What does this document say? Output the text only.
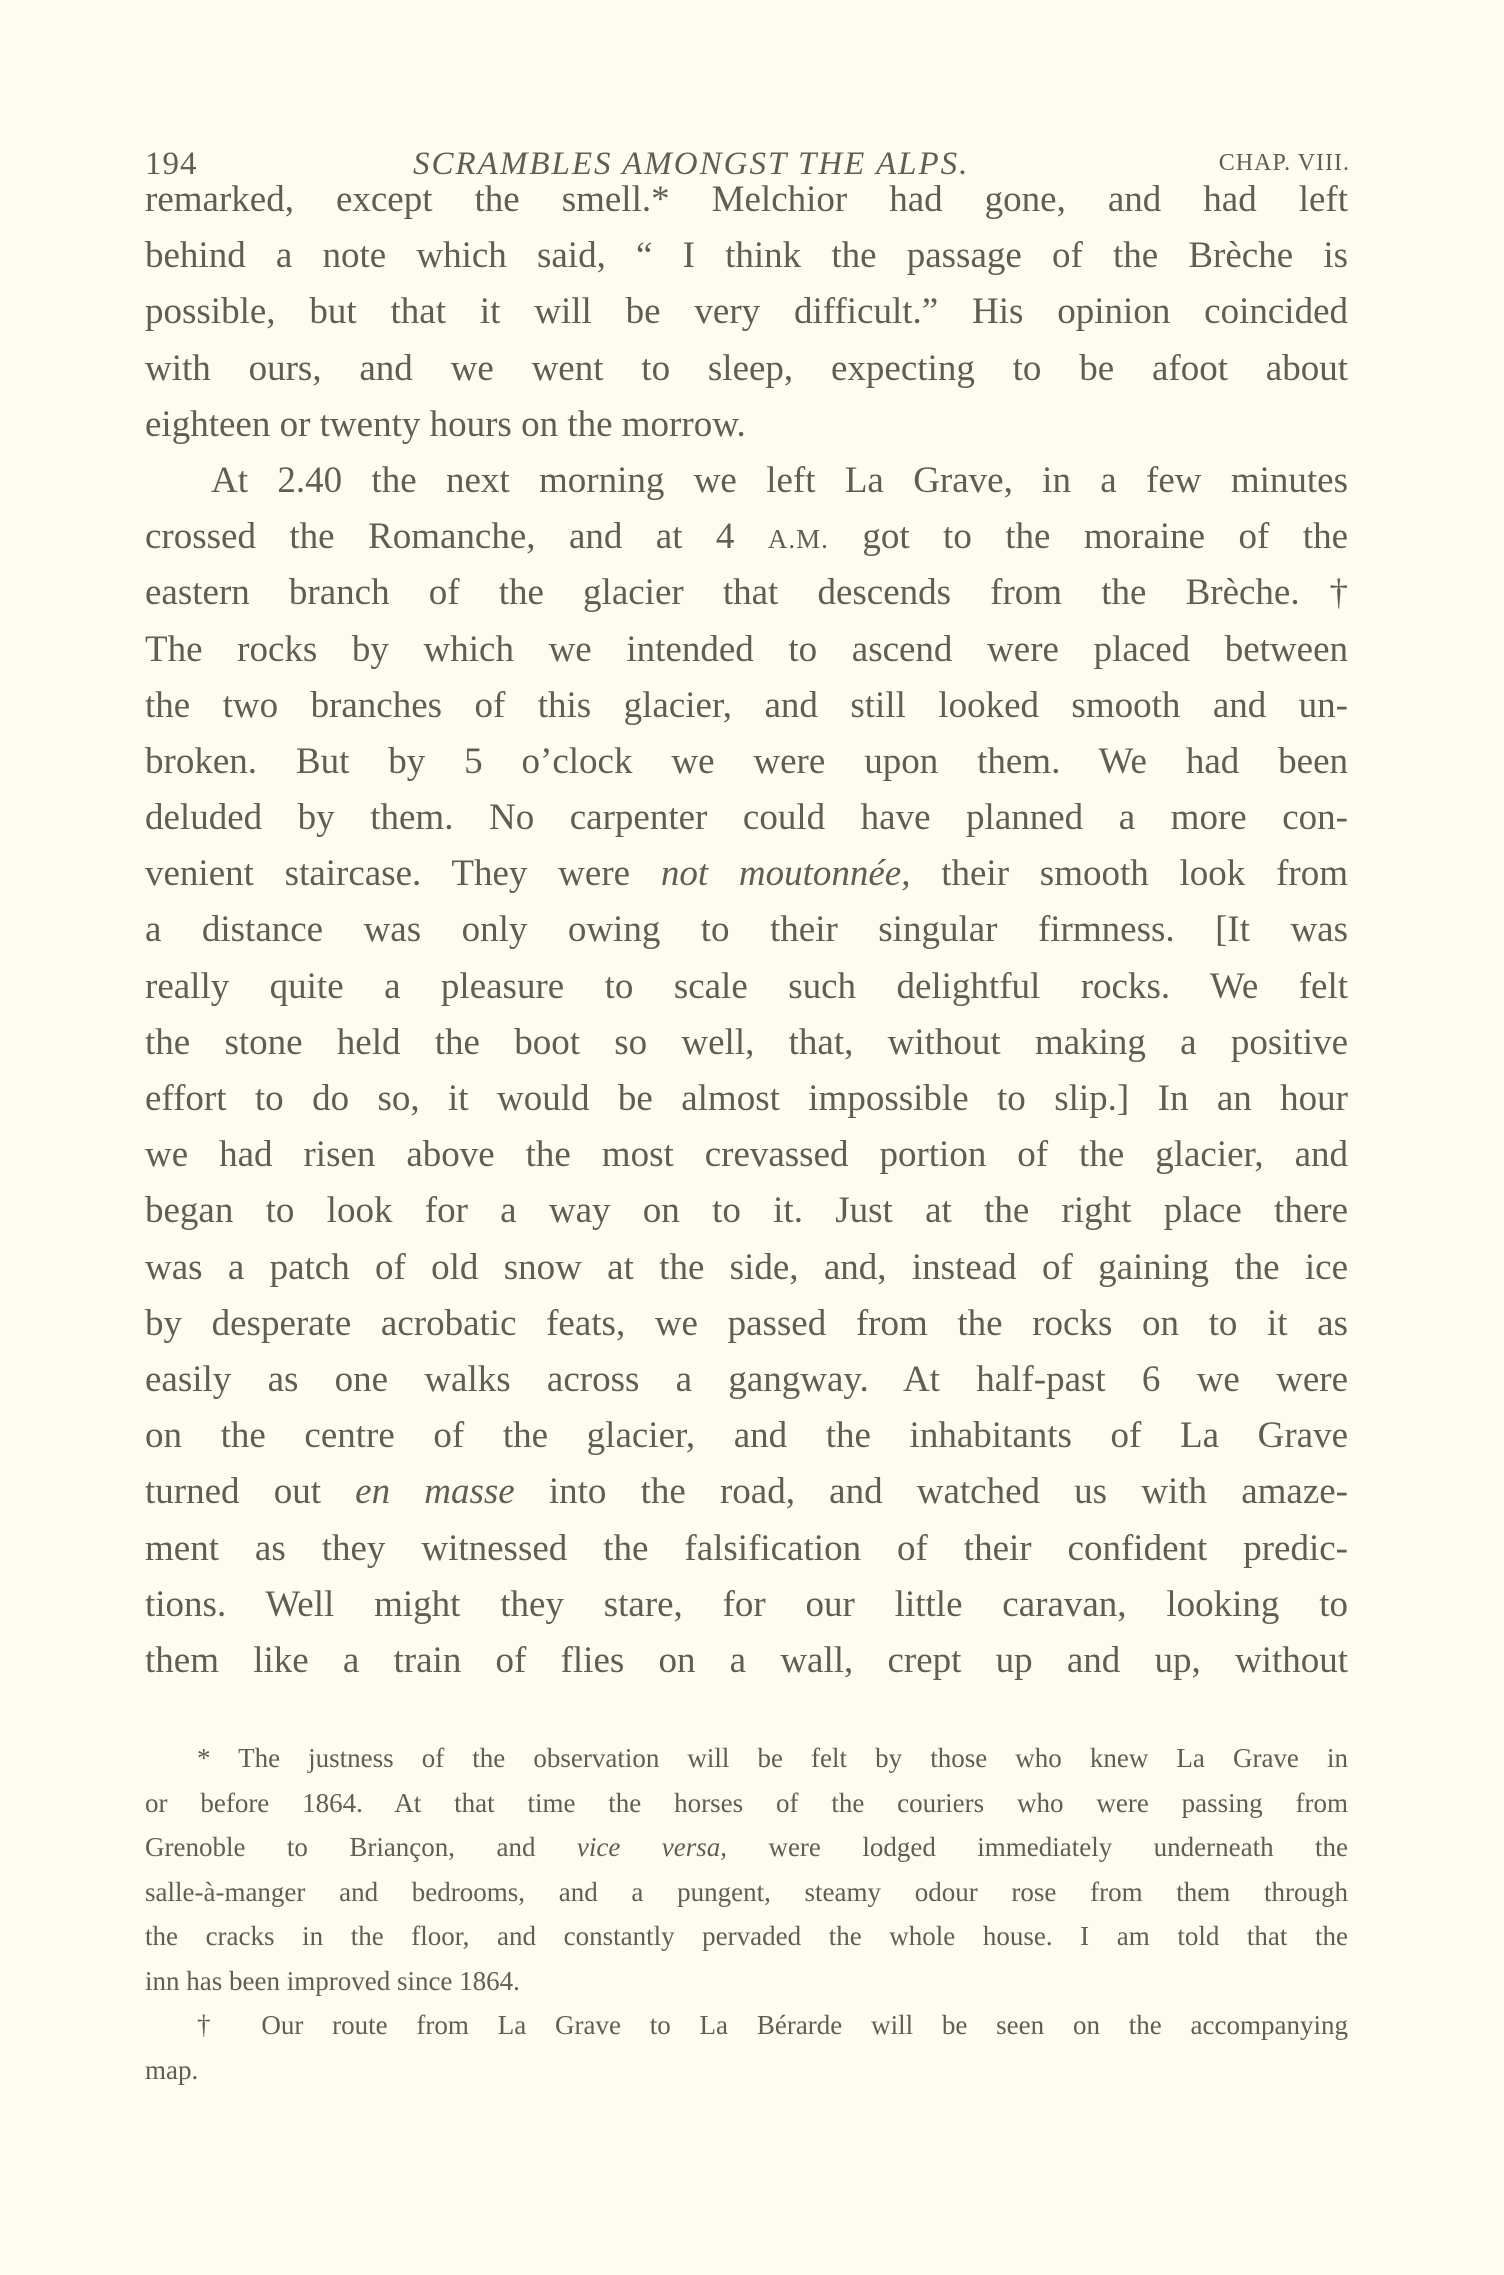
194	SCRAMBLES AMONGST THE ALPS.	CHAP. VIII.
remarked, except the smell.* Melchior had gone, and had left
behind a note which said, “ I think the passage of the Brèche is
possible, but that it will be very difficult.” His opinion coincided
with ours, and we went to sleep, expecting to be afoot about
eighteen or twenty hours on the morrow.
At 2.40 the next morning we left La Grave, in a few minutes
crossed the Romanche, and at 4 A.M. got to the moraine of the
eastern branch of the glacier that descends from the Brèche.†
The rocks by which we intended to ascend were placed between
the two branches of this glacier, and still looked smooth and un-
broken. But by 5 o’clock we were upon them. We had been
deluded by them. No carpenter could have planned a more con-
venient staircase. They were not moutonnée, their smooth look from
a distance was only owing to their singular firmness. [It was
really quite a pleasure to scale such delightful rocks. We felt
the stone held the boot so well, that, without making a positive
effort to do so, it would be almost impossible to slip.] In an hour
we had risen above the most crevassed portion of the glacier, and
began to look for a way on to it. Just at the right place there
was a patch of old snow at the side, and, instead of gaining the ice
by desperate acrobatic feats, we passed from the rocks on to it as
easily as one walks across a gangway. At half-past 6 we were
on the centre of the glacier, and the inhabitants of La Grave
turned out en masse into the road, and watched us with amaze-
ment as they witnessed the falsification of their confident predic-
tions. Well might they stare, for our little caravan, looking to
them like a train of flies on a wall, crept up and up, without
* The justness of the observation will be felt by those who knew La Grave in
or before 1864. At that time the horses of the couriers who were passing from
Grenoble to Briançon, and vice versa, were lodged immediately underneath the
salle-à-manger and bedrooms, and a pungent, steamy odour rose from them through
the cracks in the floor, and constantly pervaded the whole house. I am told that the
inn has been improved since 1864.
† Our route from La Grave to La Bérarde will be seen on the accompanying
map.
